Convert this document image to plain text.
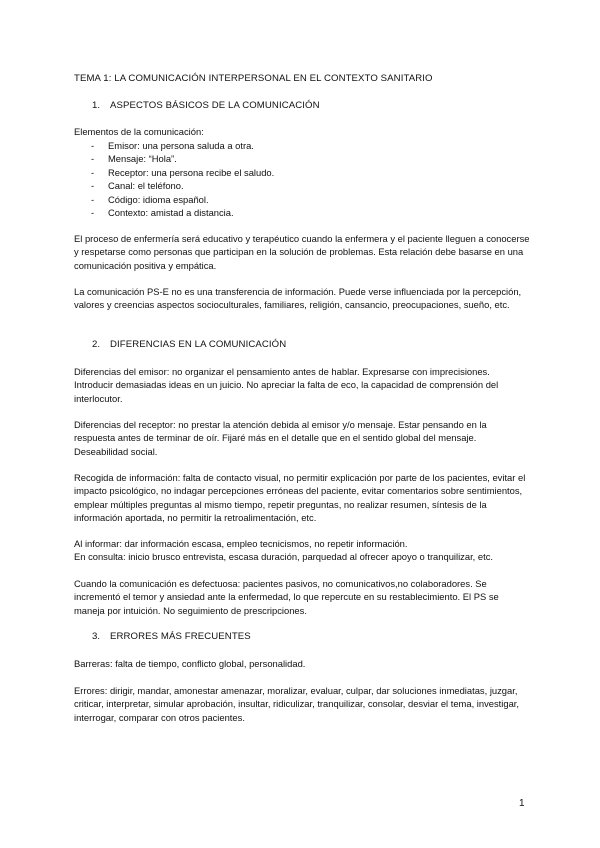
TEMA 1: LA COMUNICACIÓN INTERPERSONAL EN EL CONTEXTO SANITARIO
1. ASPECTOS BÁSICOS DE LA COMUNICACIÓN
Elementos de la comunicación:
- Emisor: una persona saluda a otra.
- Mensaje: “Hola”.
- Receptor: una persona recibe el saludo.
- Canal: el teléfono.
- Código: idioma español.
- Contexto: amistad a distancia.

El proceso de enfermería será educativo y terapéutico cuando la enfermera y el paciente lleguen a conocerse y respetarse como personas que participan en la solución de problemas. Esta relación debe basarse en una comunicación positiva y empática.

La comunicación PS-E no es una transferencia de información. Puede verse influenciada por la percepción, valores y creencias aspectos socioculturales, familiares, religión, cansancio, preocupaciones, sueño, etc.

2. DIFERENCIAS EN LA COMUNICACIÓN

Diferencias del emisor: no organizar el pensamiento antes de hablar. Expresarse con imprecisiones. Introducir demasiadas ideas en un juicio. No apreciar la falta de eco, la capacidad de comprensión del interlocutor.

Diferencias del receptor: no prestar la atención debida al emisor y/o mensaje. Estar pensando en la respuesta antes de terminar de oír. Fijaré más en el detalle que en el sentido global del mensaje. Deseabilidad social.

Recogida de información: falta de contacto visual, no permitir explicación por parte de los pacientes, evitar el impacto psicológico, no indagar percepciones erróneas del paciente, evitar comentarios sobre sentimientos, emplear múltiples preguntas al mismo tiempo, repetir preguntas, no realizar resumen, síntesis de la información aportada, no permitir la retroalimentación, etc.

Al informar: dar información escasa, empleo tecnicismos, no repetir información.

En consulta: inicio brusco entrevista, escasa duración, parquedad al ofrecer apoyo o tranquilizar, etc.

Cuando la comunicación es defectuosa: pacientes pasivos, no comunicativos,no colaboradores. Se incrementó el temor y ansiedad ante la enfermedad, lo que repercute en su restablecimiento. El PS se maneja por intuición. No seguimiento de prescripciones.

3. ERRORES MÁS FRECUENTES

Barreras: falta de tiempo, conflicto global, personalidad.

Errores: dirigir, mandar, amonestar amenazar, moralizar, evaluar, culpar, dar soluciones inmediatas, juzgar, criticar, interpretar, simular aprobación, insultar, ridiculizar, tranquilizar, consolar, desviar el tema, investigar, interrogar, comparar con otros pacientes.

1
